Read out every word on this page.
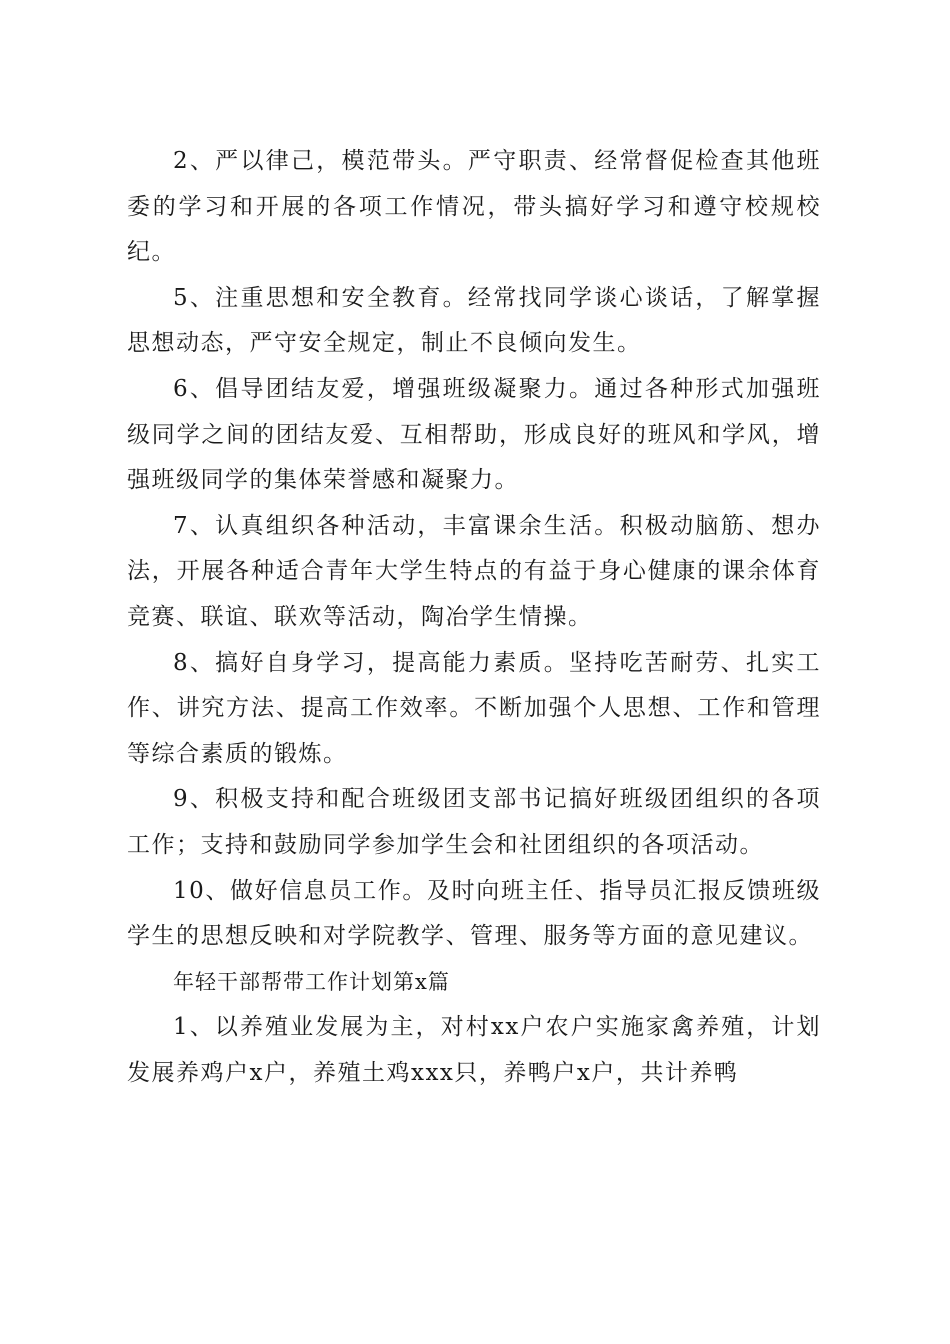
2、严以律己，模范带头。严守职责、经常督促检查其他班委的学习和开展的各项工作情况，带头搞好学习和遵守校规校纪。

5、注重思想和安全教育。经常找同学谈心谈话，了解掌握思想动态，严守安全规定，制止不良倾向发生。

6、倡导团结友爱，增强班级凝聚力。通过各种形式加强班级同学之间的团结友爱、互相帮助，形成良好的班风和学风，增强班级同学的集体荣誉感和凝聚力。

7、认真组织各种活动，丰富课余生活。积极动脑筋、想办法，开展各种适合青年大学生特点的有益于身心健康的课余体育竞赛、联谊、联欢等活动，陶冶学生情操。

8、搞好自身学习，提高能力素质。坚持吃苦耐劳、扎实工作、讲究方法、提高工作效率。不断加强个人思想、工作和管理等综合素质的锻炼。

9、积极支持和配合班级团支部书记搞好班级团组织的各项工作；支持和鼓励同学参加学生会和社团组织的各项活动。

10、做好信息员工作。及时向班主任、指导员汇报反馈班级学生的思想反映和对学院教学、管理、服务等方面的意见建议。

年轻干部帮带工作计划第x篇

1、以养殖业发展为主，对村xx户农户实施家禽养殖，计划发展养鸡户x户，养殖土鸡xxx只，养鸭户x户，共计养鸭
